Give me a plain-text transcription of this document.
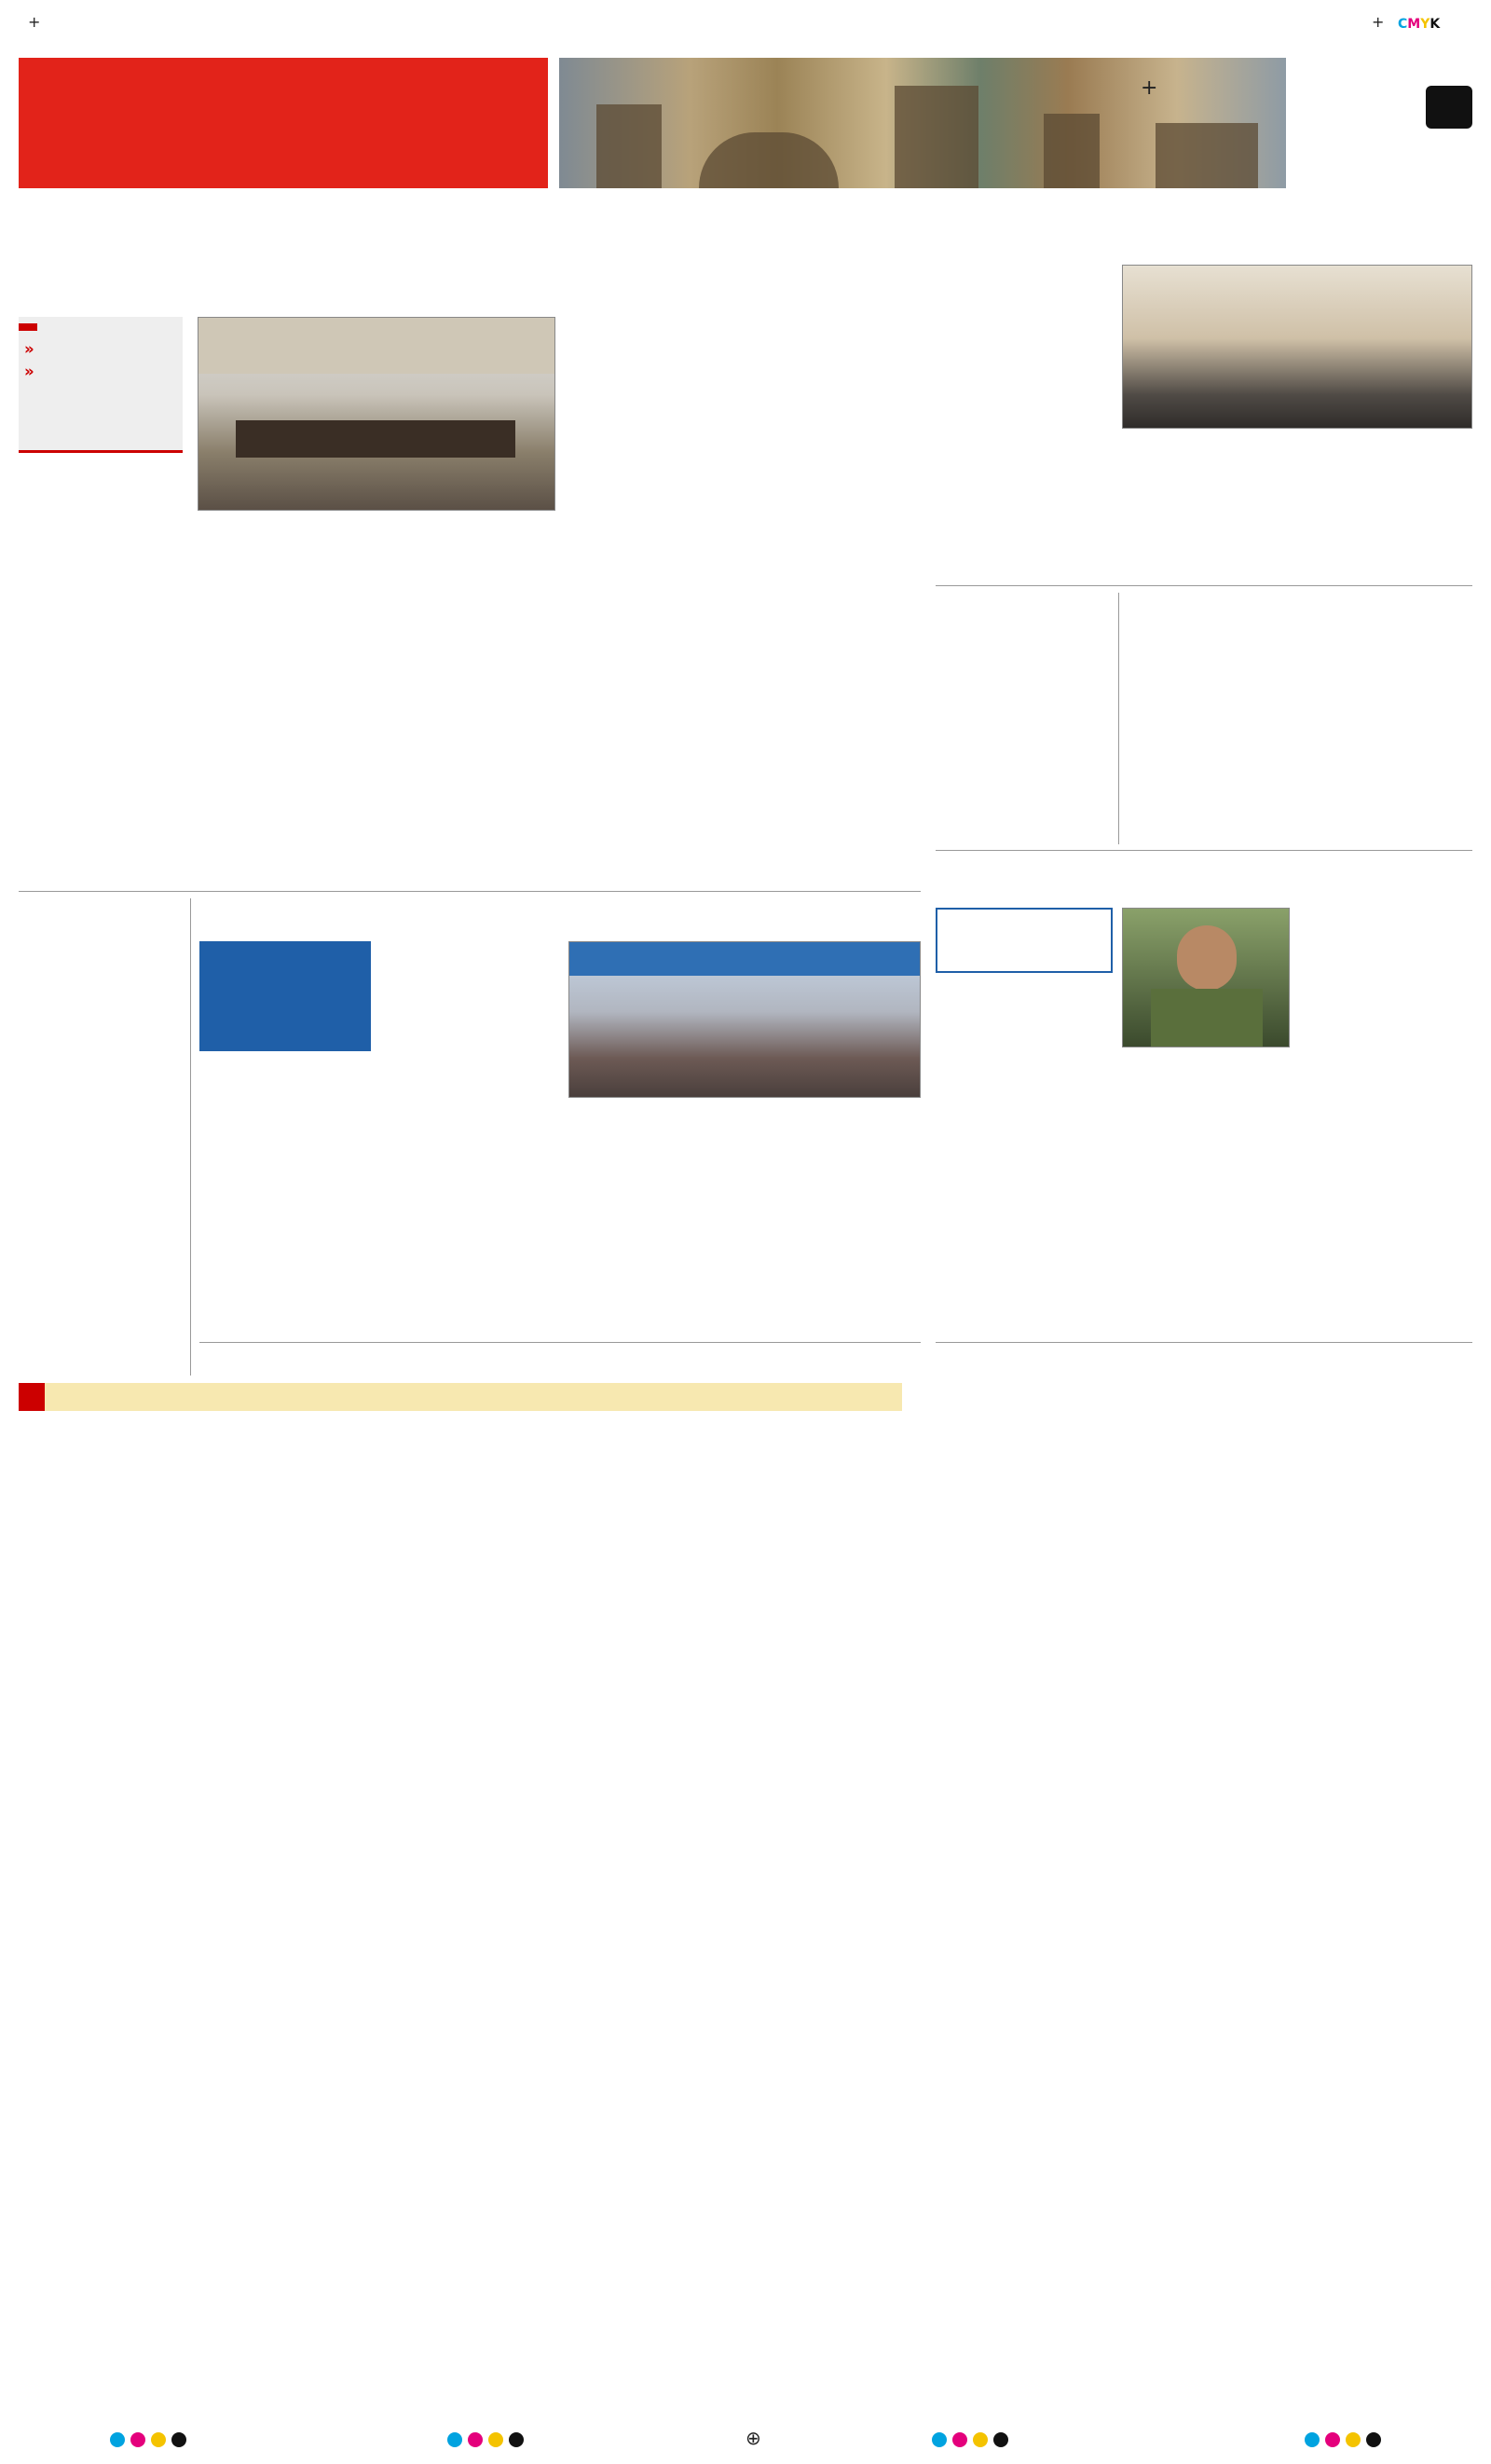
+	+ CMYK
⊕
+
»
»
